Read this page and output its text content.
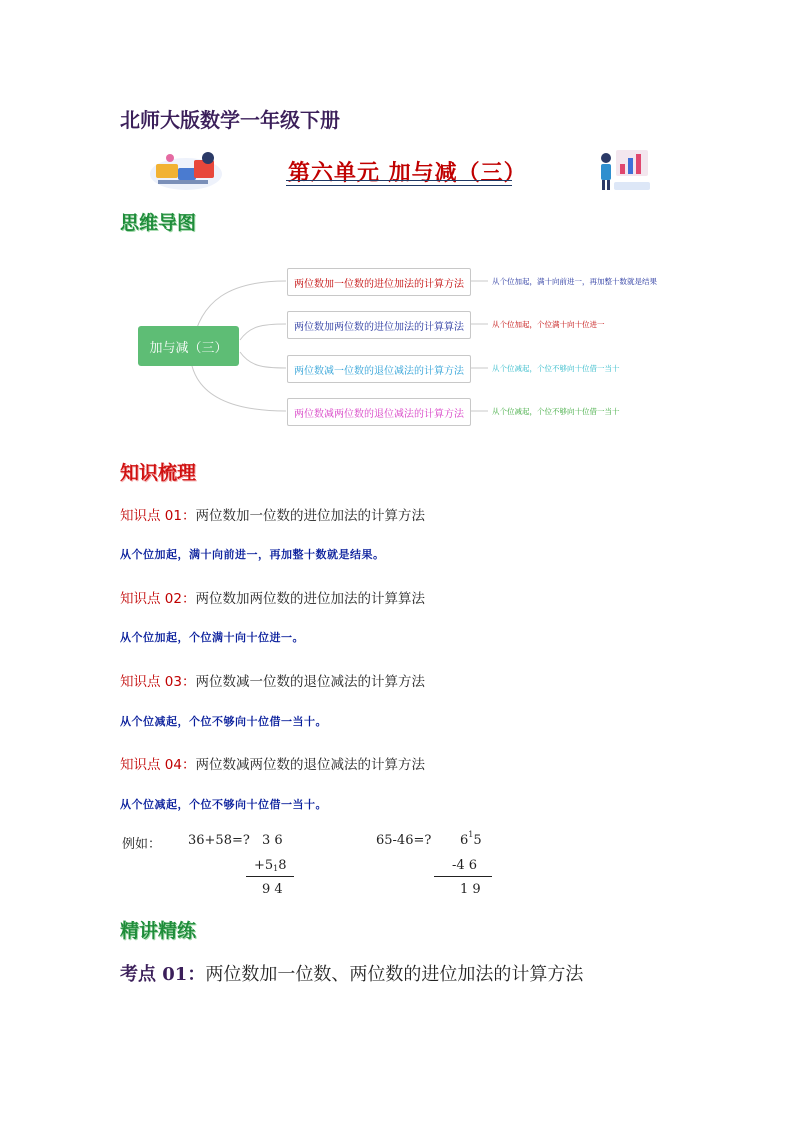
北师大版数学一年级下册
第六单元 加与减（三）
思维导图
加与减（三）
两位数加一位数的进位加法的计算方法
两位数加两位数的进位加法的计算算法
两位数减一位数的退位减法的计算方法
两位数减两位数的退位减法的计算方法
从个位加起，满十向前进一，再加整十数就是结果
从个位加起，个位满十向十位进一
从个位减起，个位不够向十位借一当十
从个位减起，个位不够向十位借一当十
知识梳理
知识点 01：两位数加一位数的进位加法的计算方法
从个位加起，满十向前进一，再加整十数就是结果。
知识点 02：两位数加两位数的进位加法的计算算法
从个位加起，个位满十向十位进一。
知识点 03：两位数减一位数的退位减法的计算方法
从个位减起，个位不够向十位借一当十。
知识点 04：两位数减两位数的退位减法的计算方法
从个位减起，个位不够向十位借一当十。
例如： 36+58=? 3 6
+518
9 4
65-46=? $6^15$
-4 6
1 9
精讲精练
考点 01：两位数加一位数、两位数的进位加法的计算方法
